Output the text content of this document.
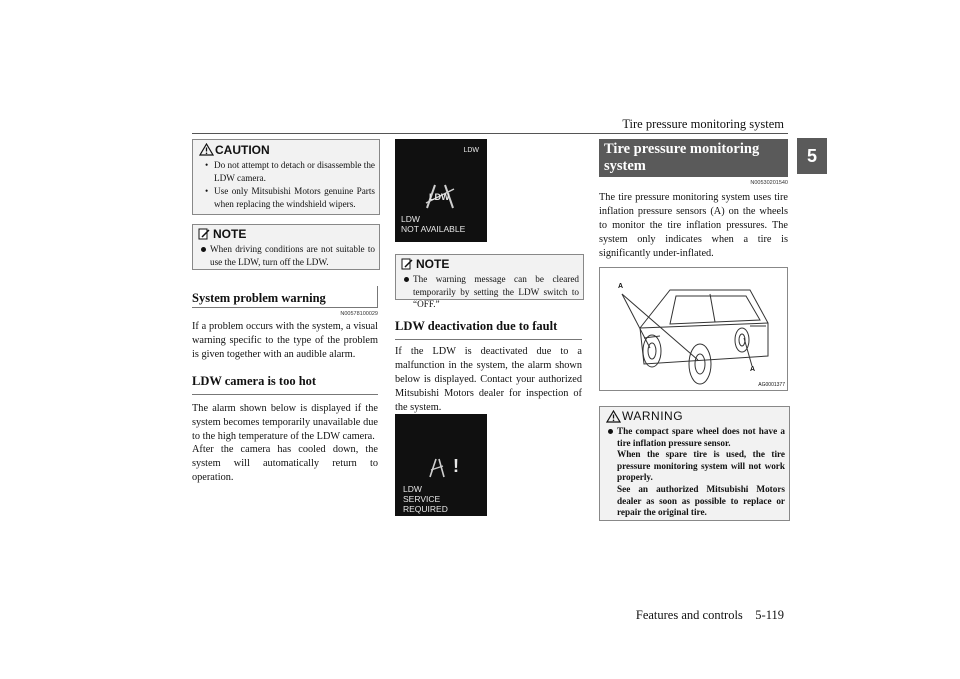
Tire pressure monitoring system
5
CAUTION
• Do not attempt to detach or disassemble the LDW camera.
• Use only Mitsubishi Motors genuine Parts when replacing the windshield wipers.
NOTE
When driving conditions are not suitable to use the LDW, turn off the LDW.
System problem warning
N00578100029
If a problem occurs with the system, a visual warning specific to the type of the problem is given together with an audible alarm.
LDW camera is too hot
The alarm shown below is displayed if the system becomes temporarily unavailable due to the high temperature of the LDW camera.
After the camera has cooled down, the system will automatically return to operation.
LDW
LDW
LDW
NOT AVAILABLE
NOTE
The warning message can be cleared temporarily by setting the LDW switch to “OFF.”
LDW deactivation due to fault
If the LDW is deactivated due to a malfunction in the system, the alarm shown below is displayed. Contact your authorized Mitsubishi Motors dealer for inspection of the system.
!
LDW
SERVICE REQUIRED
Tire pressure monitoring system
N00530201540
The tire pressure monitoring system uses tire inflation pressure sensors (A) on the wheels to monitor the tire inflation pressures. The system only indicates when a tire is significantly under-inflated.
A
A
AG0001377
WARNING
The compact spare wheel does not have a tire inflation pressure sensor.
When the spare tire is used, the tire pressure monitoring system will not work properly.
See an authorized Mitsubishi Motors dealer as soon as possible to replace or repair the original tire.
Features and controls    5-119
